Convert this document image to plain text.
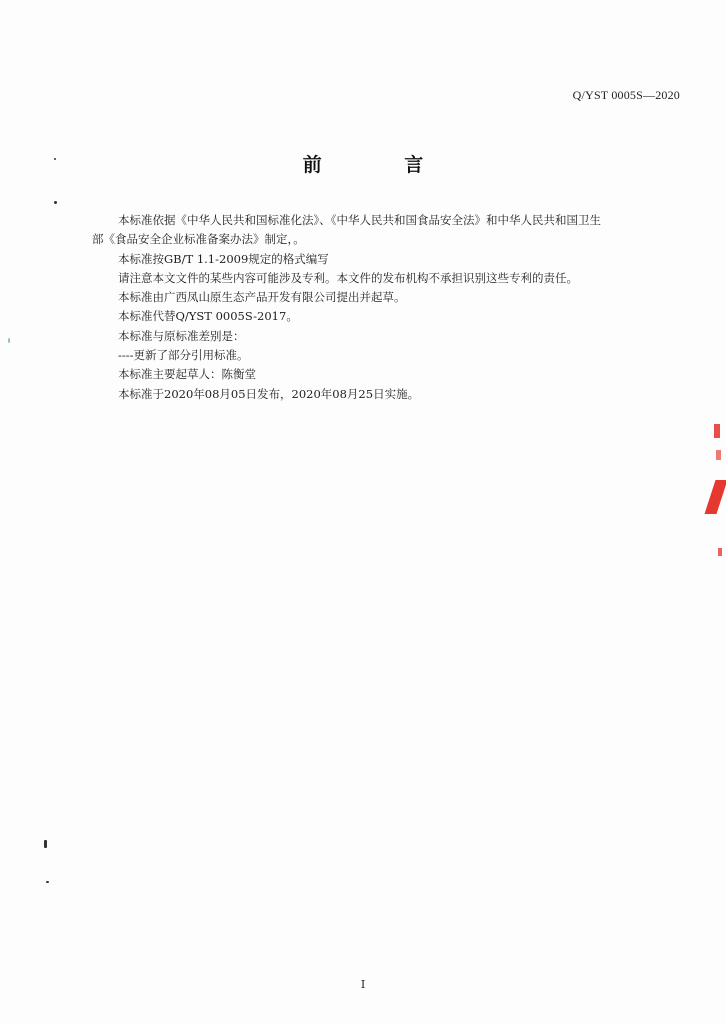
Q/YST 0005S—2020
前 言

本标准依据《中华人民共和国标准化法》、《中华人民共和国食品安全法》和中华人民共和国卫生

部《食品安全企业标准备案办法》制定，。

本标准按GB/T 1.1-2009规定的格式编写

请注意本文文件的某些内容可能涉及专利。本文件的发布机构不承担识别这些专利的责任。

本标准由广西凤山原生态产品开发有限公司提出并起草。

本标准代替Q/YST 0005S-2017。

本标准与原标准差别是：

----更新了部分引用标准。

本标准主要起草人：陈衡堂

本标准于2020年08月05日发布，2020年08月25日实施。

I
